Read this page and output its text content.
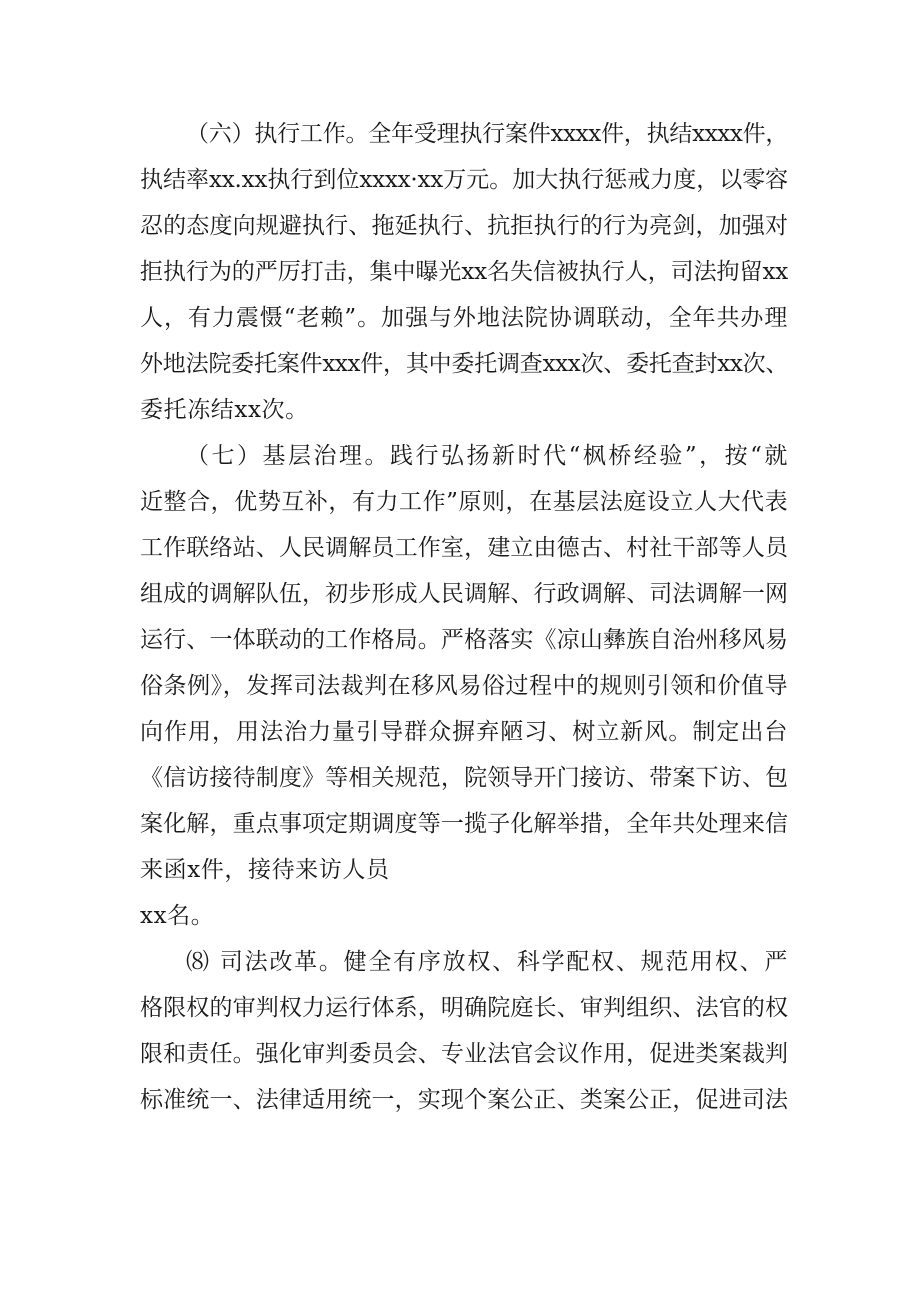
（六）执行工作。全年受理执行案件xxxx件，执结xxxx件，
执结率xx.xx执行到位xxxx·xx万元。加大执行惩戒力度，以零容
忍的态度向规避执行、拖延执行、抗拒执行的行为亮剑，加强对
拒执行为的严厉打击，集中曝光xx名失信被执行人，司法拘留xx
人，有力震慑“老赖”。加强与外地法院协调联动，全年共办理
外地法院委托案件xxx件，其中委托调查xxx次、委托查封xx次、
委托冻结xx次。
（七）基层治理。践行弘扬新时代“枫桥经验”，按“就
近整合，优势互补，有力工作”原则，在基层法庭设立人大代表
工作联络站、人民调解员工作室，建立由德古、村社干部等人员
组成的调解队伍，初步形成人民调解、行政调解、司法调解一网
运行、一体联动的工作格局。严格落实《凉山彝族自治州移风易
俗条例》，发挥司法裁判在移风易俗过程中的规则引领和价值导
向作用，用法治力量引导群众摒弃陋习、树立新风。制定出台
《信访接待制度》等相关规范，院领导开门接访、带案下访、包
案化解，重点事项定期调度等一揽子化解举措，全年共处理来信
来函x件，接待来访人员
xx名。
⑻ 司法改革。健全有序放权、科学配权、规范用权、严
格限权的审判权力运行体系，明确院庭长、审判组织、法官的权
限和责任。强化审判委员会、专业法官会议作用，促进类案裁判
标准统一、法律适用统一，实现个案公正、类案公正，促进司法
